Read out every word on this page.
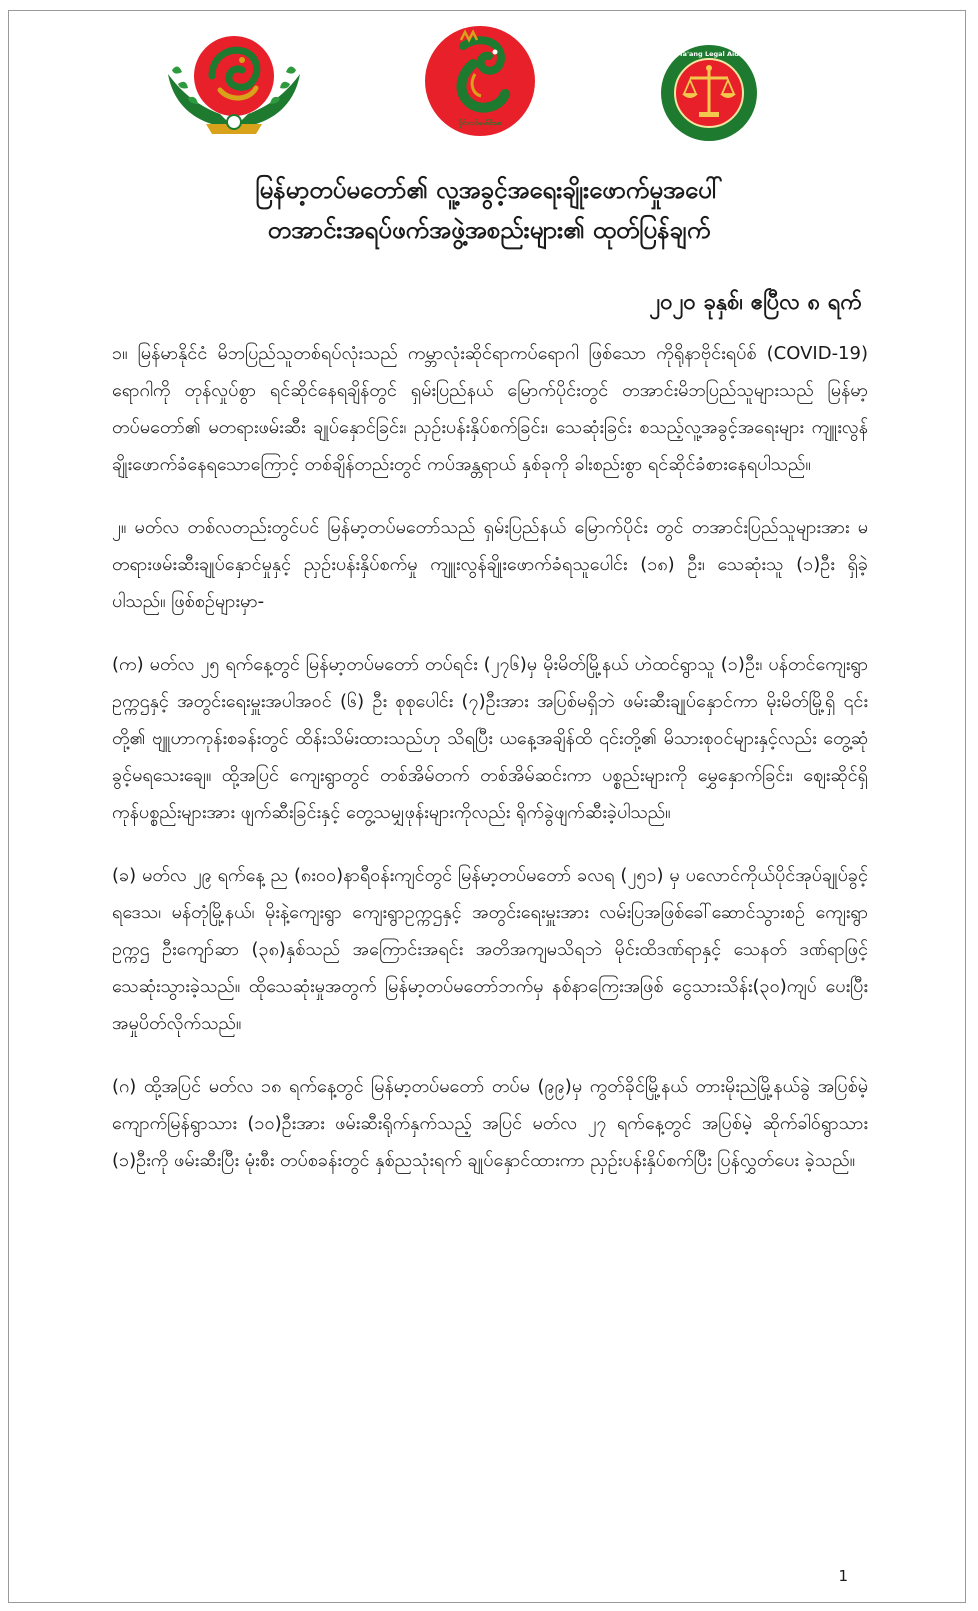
ဝိုင်းလဝ်မော်ငိုးမာ
Ta'ang Legal Aid

မြန်မာ့တပ်မတော်၏ လူ့အခွင့်အရေးချိုးဖောက်မှုအပေါ်

တအာင်းအရပ်ဖက်အဖွဲ့အစည်းများ၏ ထုတ်ပြန်ချက်

၂၀၂၀ ခုနှစ်၊ ဧပြီလ ၈ ရက်

၁။ မြန်မာနိုင်ငံ မိဘပြည်သူတစ်ရပ်လုံးသည် ကမ္ဘာလုံးဆိုင်ရာကပ်ရောဂါ ဖြစ်သော ကိုရိုနာဗိုင်းရပ်စ် (COVID-19) ရောဂါကို တုန်လှုပ်စွာ ရင်ဆိုင်နေရချိန်တွင် ရှမ်းပြည်နယ် မြောက်ပိုင်းတွင် တအာင်းမိဘပြည်သူများသည် မြန်မာ့တပ်မတော်၏ မတရားဖမ်းဆီး ချုပ်နှောင်ခြင်း၊ ညှဉ်းပန်းနှိပ်စက်ခြင်း၊ သေဆုံးခြင်း စသည့်လူ့အခွင့်အရေးများ ကျူးလွန် ချိုးဖောက်ခံနေရသောကြောင့် တစ်ချိန်တည်းတွင် ကပ်အန္တရာယ် နှစ်ခုကို ခါးစည်းစွာ ရင်ဆိုင်ခံစားနေရပါသည်။

၂။ မတ်လ တစ်လတည်းတွင်ပင် မြန်မာ့တပ်မတော်သည် ရှမ်းပြည်နယ် မြောက်ပိုင်း တွင် တအာင်းပြည်သူများအား မတရားဖမ်းဆီးချုပ်နှောင်မှုနှင့် ညှဉ်းပန်းနှိပ်စက်မှု ကျူးလွန်ချိုးဖောက်ခံရသူပေါင်း (၁၈) ဦး၊ သေဆုံးသူ (၁)ဦး ရှိခဲ့ပါသည်။ ဖြစ်စဉ်များမှာ-

(က) မတ်လ ၂၅ ရက်နေ့တွင် မြန်မာ့တပ်မတော် တပ်ရင်း (၂၇၆)မှ မိုးမိတ်မြို့နယ် ဟဲထင်ရွာသူ (၁)ဦး၊ ပန်တင်ကျေးရွာ ဥက္ကဌနှင့် အတွင်းရေးမှူးအပါအဝင် (၆) ဦး စုစုပေါင်း (၇)ဦးအား အပြစ်မရှိဘဲ ဖမ်းဆီးချုပ်နှောင်ကာ မိုးမိတ်မြို့ရှိ ၎င်းတို့၏ ဗျူဟာကုန်းစခန်းတွင် ထိန်းသိမ်းထားသည်ဟု သိရပြီး ယနေ့အချိန်ထိ ၎င်းတို့၏ မိသားစုဝင်များနှင့်လည်း တွေ့ဆုံခွင့်မရသေးချေ။ ထို့အပြင် ကျေးရွာတွင် တစ်အိမ်တက် တစ်အိမ်ဆင်းကာ ပစ္စည်းများကို မွှေနှောက်ခြင်း၊ ဈေးဆိုင်ရှိ ကုန်ပစ္စည်းများအား ဖျက်ဆီးခြင်းနှင့် တွေ့သမျှဖုန်းများကိုလည်း ရိုက်ခွဲဖျက်ဆီးခဲ့ပါသည်။

(ခ) မတ်လ ၂၉ ရက်နေ့ ည (၈း၀၀)နာရီဝန်းကျင်တွင် မြန်မာ့တပ်မတော် ခလရ (၂၅၁) မှ ပလောင်ကိုယ်ပိုင်အုပ်ချုပ်ခွင့်ရဒေသ၊ မန်တုံမြို့နယ်၊ မိုးနဲ့ကျေးရွာ ကျေးရွာဥက္ကဌနှင့် အတွင်းရေးမှူးအား လမ်းပြအဖြစ်ခေါ်ဆောင်သွားစဉ် ကျေးရွာဥက္ကဌ ဦးကျော်ဆာ (၃၈)နှစ်သည် အကြောင်းအရင်း အတိအကျမသိရဘဲ မိုင်းထိဒဏ်ရာနှင့် သေနတ် ဒဏ်ရာဖြင့် သေဆုံးသွားခဲ့သည်။ ထိုသေဆုံးမှုအတွက် မြန်မာ့တပ်မတော်ဘက်မှ နစ်နာကြေးအဖြစ် ငွေသားသိန်း(၃၀)ကျပ် ပေးပြီး အမှုပိတ်လိုက်သည်။

(ဂ) ထို့အပြင် မတ်လ ၁၈ ရက်နေ့တွင် မြန်မာ့တပ်မတော် တပ်မ (၉၉)မှ ကွတ်ခိုင်မြို့နယ် တားမိုးညဲမြို့နယ်ခွဲ အပြစ်မဲ့ ကျောက်မြန်ရွာသား (၁၀)ဦးအား ဖမ်းဆီးရိုက်နှက်သည့် အပြင် မတ်လ ၂၇ ရက်နေ့တွင် အပြစ်မဲ့ ဆိုက်ခါဝ်ရွာသား (၁)ဦးကို ဖမ်းဆီးပြီး မုံးစီး တပ်စခန်းတွင် နှစ်ညသုံးရက် ချုပ်နှောင်ထားကာ ညှဉ်းပန်းနှိပ်စက်ပြီး ပြန်လွှတ်ပေး ခဲ့သည်။

1
